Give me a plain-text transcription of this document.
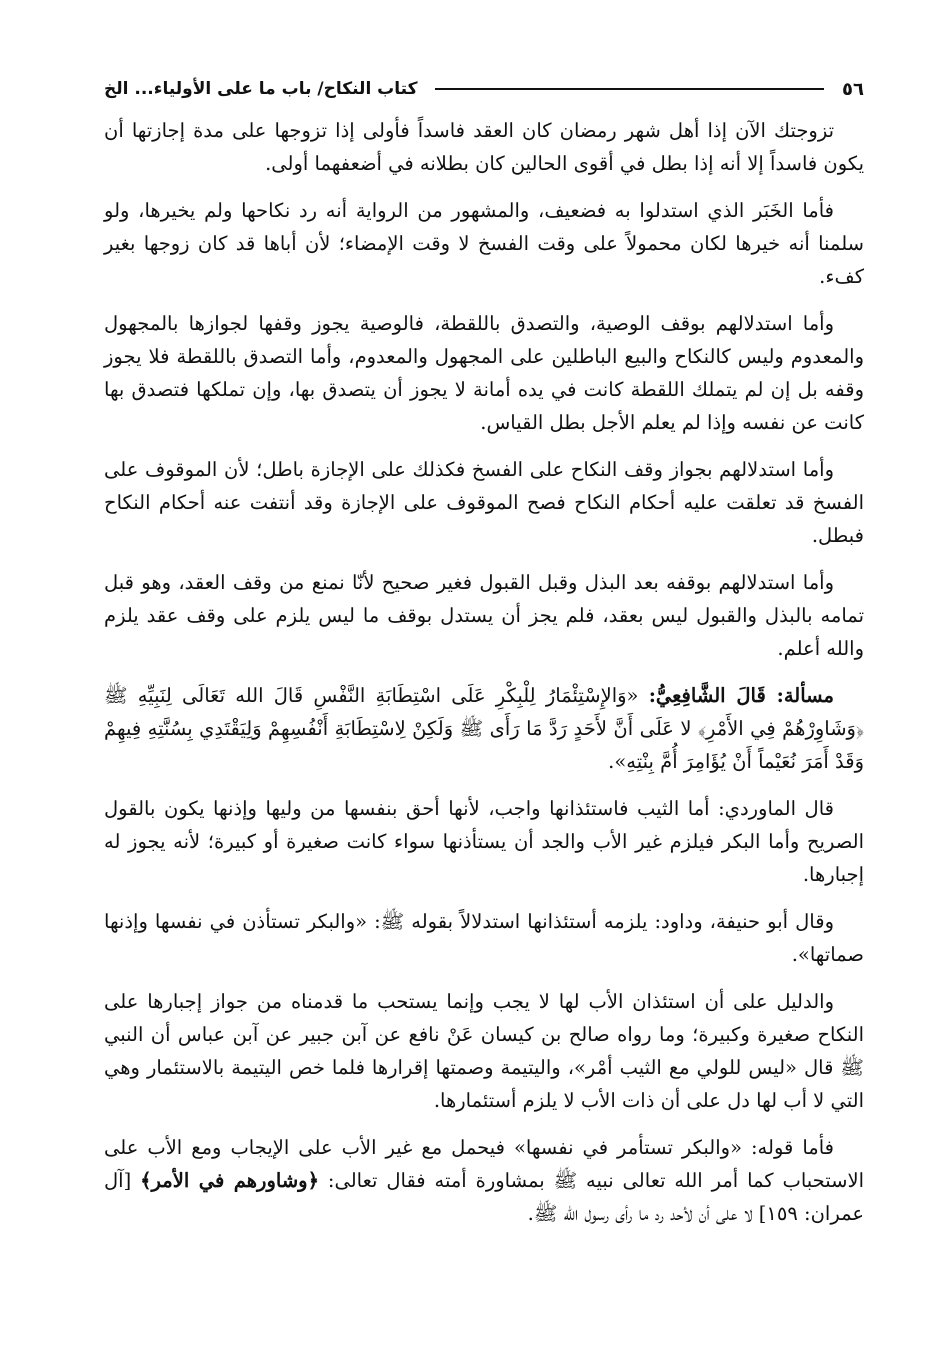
٥٦
كتاب النكاح/ باب ما على الأولياء... الخ

تزوجتك الآن إذا أهل شهر رمضان كان العقد فاسداً فأولى إذا تزوجها على مدة إجازتها أن يكون فاسداً إلا أنه إذا بطل في أقوى الحالين كان بطلانه في أضعفهما أولى.

فأما الخَبَر الذي استدلوا به فضعيف، والمشهور من الرواية أنه رد نكاحها ولم يخيرها، ولو سلمنا أنه خيرها لكان محمولاً على وقت الفسخ لا وقت الإمضاء؛ لأن أباها قد كان زوجها بغير كفء.

وأما استدلالهم بوقف الوصية، والتصدق باللقطة، فالوصية يجوز وقفها لجوازها بالمجهول والمعدوم وليس كالنكاح والبيع الباطلين على المجهول والمعدوم، وأما التصدق باللقطة فلا يجوز وقفه بل إن لم يتملك اللقطة كانت في يده أمانة لا يجوز أن يتصدق بها، وإن تملكها فتصدق بها كانت عن نفسه وإذا لم يعلم الأجل بطل القياس.

وأما استدلالهم بجواز وقف النكاح على الفسخ فكذلك على الإجازة باطل؛ لأن الموقوف على الفسخ قد تعلقت عليه أحكام النكاح فصح الموقوف على الإجازة وقد أنتفت عنه أحكام النكاح فبطل.

وأما استدلالهم بوقفه بعد البذل وقبل القبول فغير صحيح لأنّا نمنع من وقف العقد، وهو قبل تمامه بالبذل والقبول ليس بعقد، فلم يجز أن يستدل بوقف ما ليس يلزم على وقف عقد يلزم والله أعلم.

مسألة: قَالَ الشَّافِعِيُّ: «وَالإِسْتِئْمَارُ لِلْبِكْرِ عَلَى اسْتِطَابَةِ النَّفْسِ قَالَ الله تَعَالَى لِنَبِيِّهِ ﷺ ﴿وَشَاوِرْهُمْ فِي الأَمْرِ﴾ لا عَلَى أَنَّ لأَحَدٍ رَدَّ مَا رَأَى ﷺ وَلَكِنْ لِاسْتِطَابَةِ أَنْفُسِهِمْ وَلِيَقْتَدِي بِسُنَّتِهِ فِيهِمْ وَقَدْ أَمَرَ نُعَيْماً أَنْ يُؤَامِرَ أُمَّ بِنْتِهِ».

قال الماوردي: أما الثيب فاستئذانها واجب، لأنها أحق بنفسها من وليها وإذنها يكون بالقول الصريح وأما البكر فيلزم غير الأب والجد أن يستأذنها سواء كانت صغيرة أو كبيرة؛ لأنه يجوز له إجبارها.

وقال أبو حنيفة، وداود: يلزمه أستئذانها استدلالاً بقوله ﷺ: «والبكر تستأذن في نفسها وإذنها صماتها».

والدليل على أن استئذان الأب لها لا يجب وإنما يستحب ما قدمناه من جواز إجبارها على النكاح صغيرة وكبيرة؛ وما رواه صالح بن كيسان عَنْ نافع عن آبن جبير عن آبن عباس أن النبي ﷺ قال «ليس للولي مع الثيب أمْر»، واليتيمة وصمتها إقرارها فلما خص اليتيمة بالاستئمار وهي التي لا أب لها دل على أن ذات الأب لا يلزم أستئمارها.

فأما قوله: «والبكر تستأمر في نفسها» فيحمل مع غير الأب على الإيجاب ومع الأب على الاستحباب كما أمر الله تعالى نبيه ﷺ بمشاورة أمته فقال تعالى: ﴿وشاورهم في الأمر﴾ [آل عمران: ١٥٩] لا على أن لأحد رد ما رأى رسول الله ﷺ.
